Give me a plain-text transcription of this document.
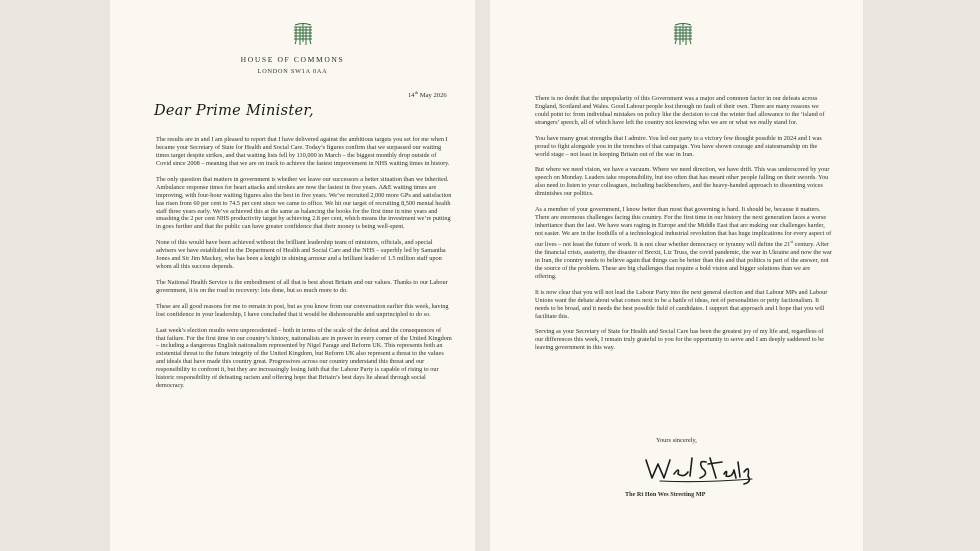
HOUSE OF COMMONS
LONDON SW1A 0AA
14th May 2026
Dear Prime Minister,

The results are in and I am pleased to report that I have delivered against the ambitious targets you set for me when I became your Secretary of State for Health and Social Care. Today’s figures confirm that we surpassed our waiting times target despite strikes, and that waiting lists fell by 110,000 in March – the biggest monthly drop outside of Covid since 2008 – meaning that we are on track to achieve the fastest improvement in NHS waiting times in history.

The only question that matters in government is whether we leave our successors a better situation than we inherited. Ambulance response times for heart attacks and strokes are now the fastest in five years. A&E waiting times are improving, with four-hour waiting figures also the best in five years. We’ve recruited 2,000 more GPs and satisfaction has risen from 60 per cent to 74.5 per cent since we came to office. We hit our target of recruiting 8,500 mental health staff three years early. We’ve achieved this at the same as balancing the books for the first time in nine years and smashing the 2 per cent NHS productivity target by achieving 2.8 per cent, which means the investment we’re putting in goes further and that the public can have greater confidence that their money is being well-spent.

None of this would have been achieved without the brilliant leadership team of ministers, officials, and special advisers we have established in the Department of Health and Social Care and the NHS – superbly led by Samantha Jones and Sir Jim Mackey, who has been a knight in shining armour and a brilliant leader of 1.5 million staff upon whom all this success depends.

The National Health Service is the embodiment of all that is best about Britain and our values. Thanks to our Labour government, it is on the road to recovery: lots done, but so much more to do.

These are all good reasons for me to remain in post, but as you know from our conversation earlier this week, having lost confidence in your leadership, I have concluded that it would be dishonourable and unprincipled to do so.

Last week’s election results were unprecedented – both in terms of the scale of the defeat and the consequences of that failure. For the first time in our country’s history, nationalists are in power in every corner of the United Kingdom – including a dangerous English nationalism represented by Nigel Farage and Reform UK. This represents both an existential threat to the future integrity of the United Kingdom, but Reform UK also represent a threat to the values and ideals that have made this country great. Progressives across our country understand this threat and our responsibility to confront it, but they are increasingly losing faith that the Labour Party is capable of rising to our historic responsibility of defeating racism and offering hope that Britain’s best days lie ahead through social democracy.

There is no doubt that the unpopularity of this Government was a major and common factor in our defeats across England, Scotland and Wales. Good Labour people lost through no fault of their own. There are many reasons we could point to: from individual mistakes on policy like the decision to cut the winter fuel allowance to the ‘island of strangers’ speech, all of which have left the country not knowing who we are or what we really stand for.

You have many great strengths that I admire. You led our party to a victory few thought possible in 2024 and I was proud to fight alongside you in the trenches of that campaign. You have shown courage and statesmanship on the world stage – not least in keeping Britain out of the war in Iran.

But where we need vision, we have a vacuum. Where we need direction, we have drift. This was underscored by your speech on Monday. Leaders take responsibility, but too often that has meant other people falling on their swords. You also need to listen to your colleagues, including backbenchers, and the heavy-handed approach to dissenting voices diminishes our politics.

As a member of your government, I know better than most that governing is hard. It should be, because it matters. There are enormous challenges facing this country. For the first time in our history the next generation faces a worse inheritance than the last. We have wars raging in Europe and the Middle East that are making our challenges harder, not easier. We are in the foothills of a technological industrial revolution that has huge implications for every aspect of our lives – not least the future of work. It is not clear whether democracy or tyranny will define the 21st century. After the financial crisis, austerity, the disaster of Brexit, Liz Truss, the covid pandemic, the war in Ukraine and now the war in Iran, the country needs to believe again that things can be better than this and that politics is part of the answer, not the source of the problem. These are big challenges that require a bold vision and bigger solutions than we are offering.

It is now clear that you will not lead the Labour Party into the next general election and that Labour MPs and Labour Unions want the debate about what comes next to be a battle of ideas, not of personalities or petty factionalism. It needs to be broad, and it needs the best possible field of candidates. I support that approach and I hope that you will facilitate this.

Serving as your Secretary of State for Health and Social Care has been the greatest joy of my life and, regardless of our differences this week, I remain truly grateful to you for the opportunity to serve and I am deeply saddened to be leaving government in this way.

Yours sincerely,
The Rt Hon Wes Streeting MP
